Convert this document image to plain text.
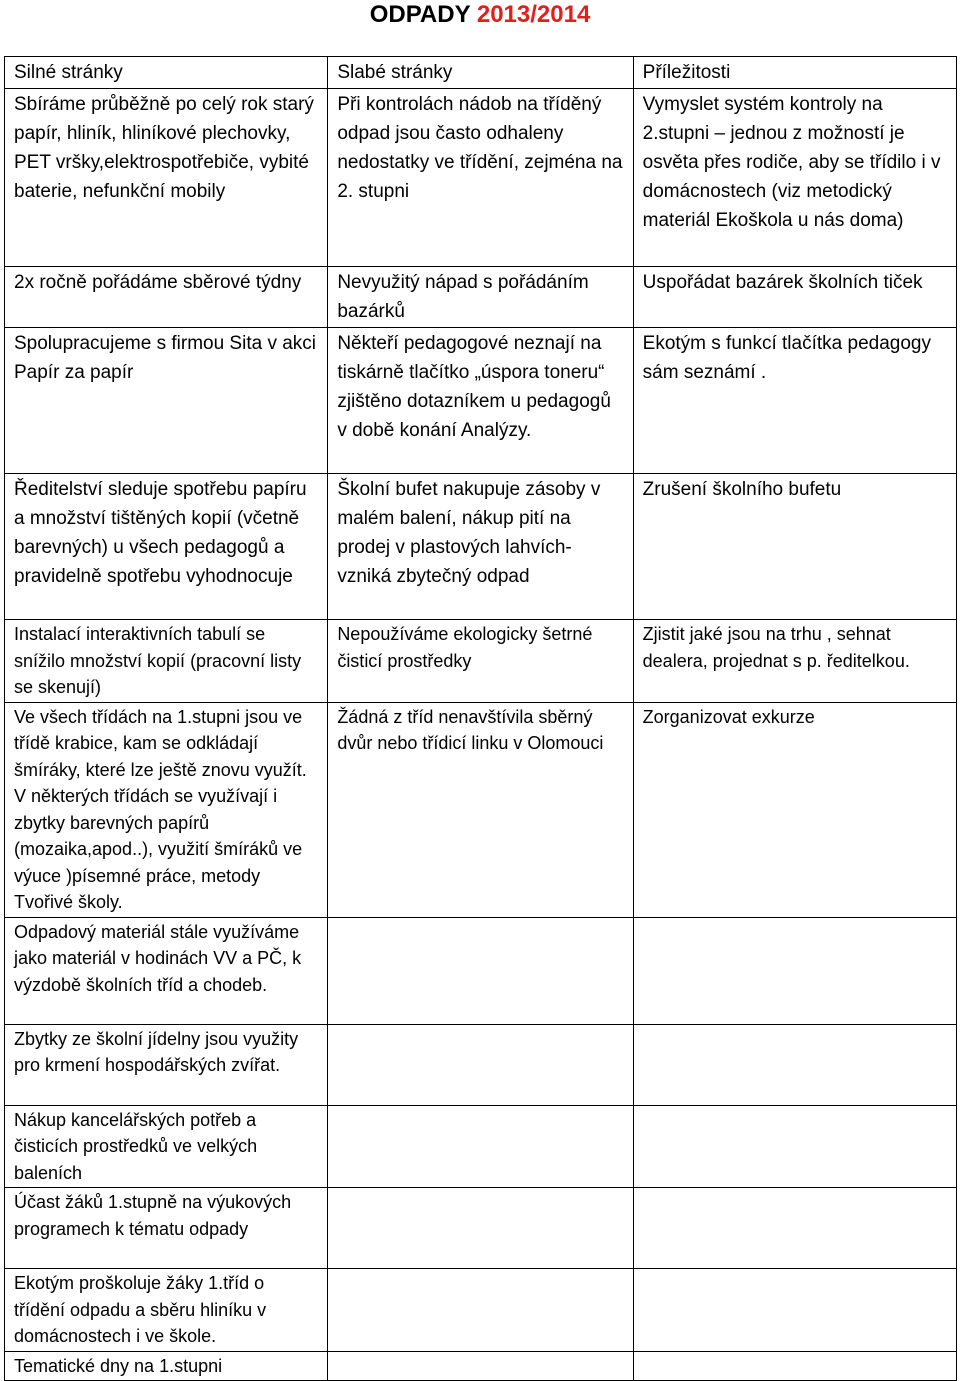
ODPADY 2013/2014
Silné stránky	Slabé stránky	Příležitosti
Sbíráme průběžně po celý rok starý papír, hliník, hliníkové plechovky, PET vršky,elektrospotřebiče, vybité baterie, nefunkční mobily	Při kontrolách nádob na tříděný odpad jsou často odhaleny nedostatky ve třídění, zejména na 2. stupni	Vymyslet systém kontroly na 2.stupni – jednou z možností je osvěta přes rodiče, aby se třídilo i v domácnostech (viz metodický materiál Ekoškola u nás doma)
2x ročně pořádáme sběrové týdny	Nevyužitý nápad s pořádáním bazárků	Uspořádat bazárek školních tiček
Spolupracujeme s firmou Sita v akci Papír za papír	Někteří pedagogové neznají na tiskárně tlačítko „úspora toneru“ zjištěno dotazníkem u pedagogů v době konání Analýzy.	Ekotým s funkcí tlačítka pedagogy sám seznámí .
Ředitelství sleduje spotřebu papíru a množství tištěných kopií (včetně barevných) u všech pedagogů a pravidelně spotřebu vyhodnocuje	Školní bufet nakupuje zásoby v malém balení, nákup pití na prodej v plastových lahvích- vzniká zbytečný odpad	Zrušení školního bufetu
Instalací interaktivních tabulí se snížilo množství kopií (pracovní listy se skenují)	Nepoužíváme ekologicky šetrné čisticí prostředky	Zjistit jaké jsou na trhu , sehnat dealera, projednat s p. ředitelkou.
Ve všech třídách na 1.stupni jsou ve třídě krabice, kam se odkládají šmíráky, které lze ještě znovu využít. V některých třídách se využívají i zbytky barevných papírů (mozaika,apod..), využití šmíráků ve výuce )písemné práce, metody Tvořivé školy.	Žádná z tříd nenavštívila sběrný dvůr nebo třídicí linku v Olomouci	Zorganizovat exkurze
Odpadový materiál stále využíváme jako materiál v hodinách VV a PČ, k výzdobě školních tříd a chodeb.		
Zbytky ze školní jídelny jsou využity pro krmení hospodářských zvířat.		
Nákup kancelářských potřeb a čisticích prostředků ve velkých baleních		
Účast žáků 1.stupně na výukových programech k tématu odpady		
Ekotým proškoluje žáky 1.tříd o třídění odpadu a sběru hliníku v domácnostech i ve škole.		
Tematické dny na 1.stupni		
